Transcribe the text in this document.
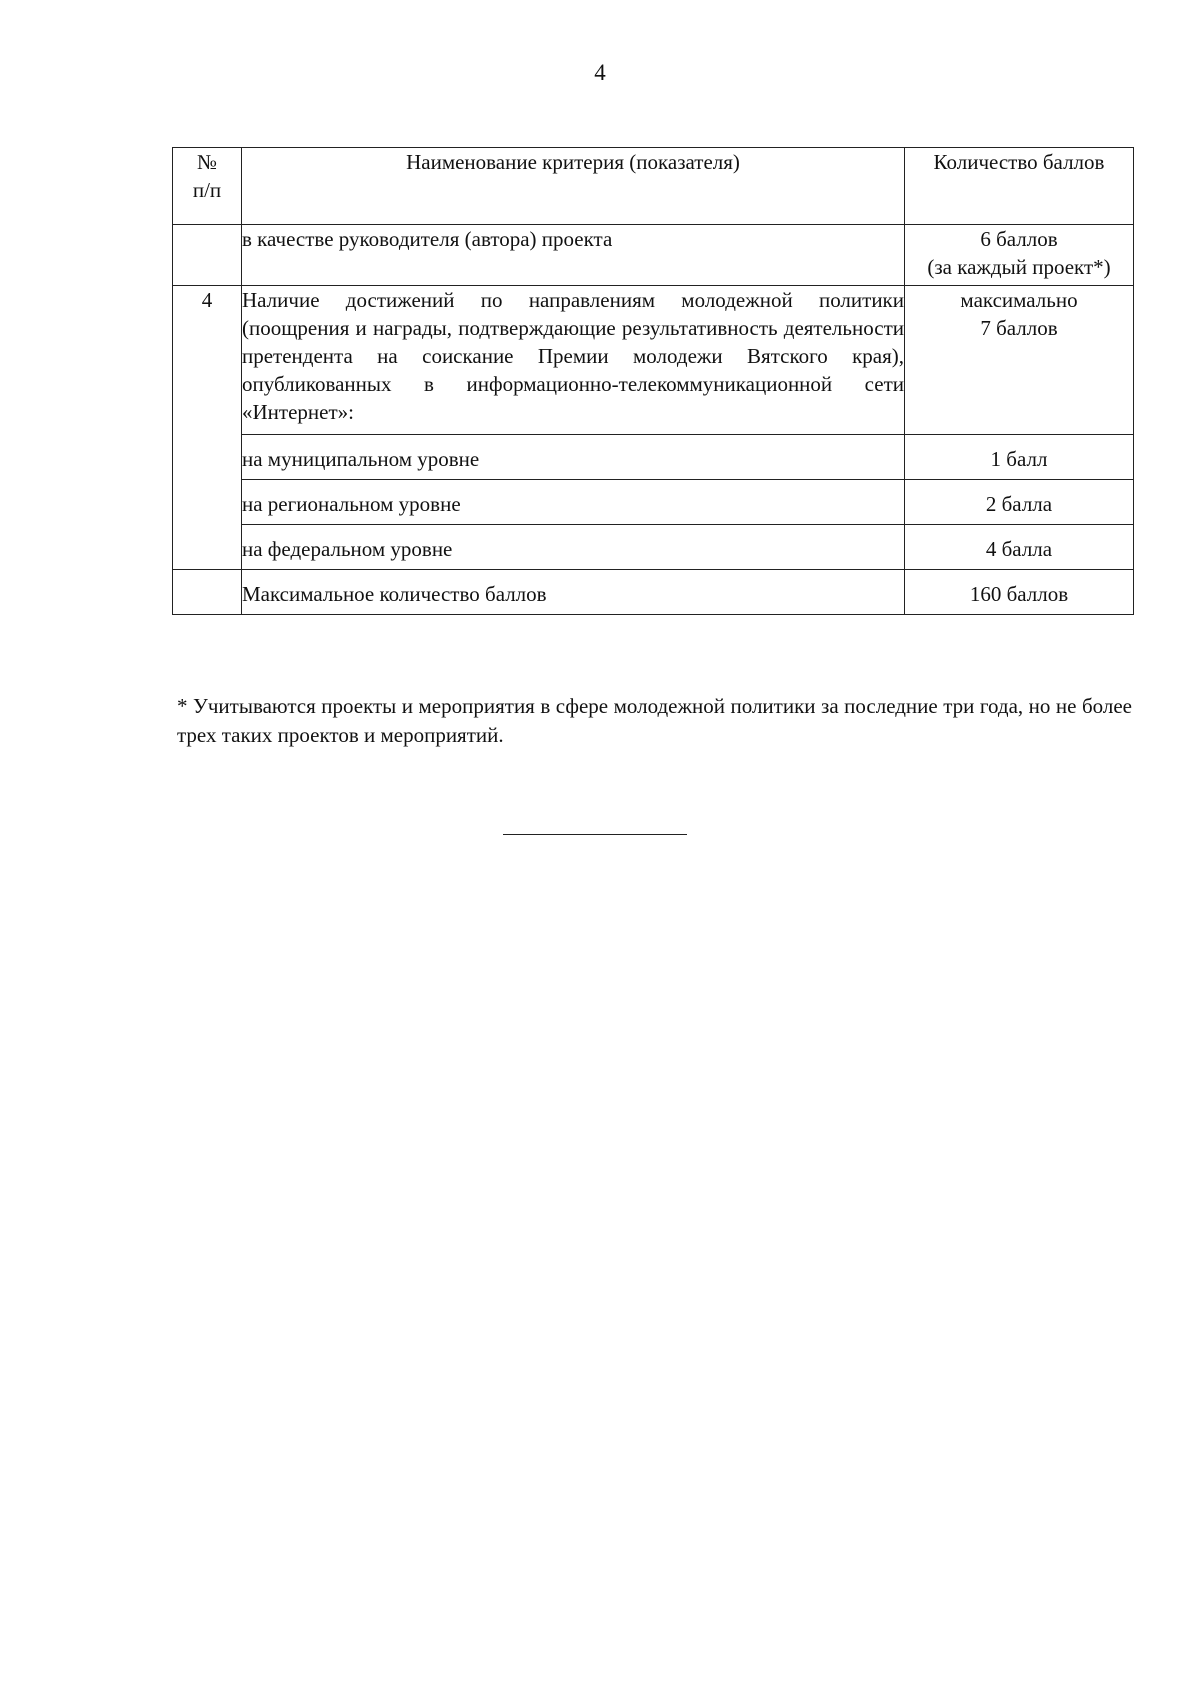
4
№
п/п	Наименование критерия (показателя)	Количество баллов
	в качестве руководителя (автора) проекта	6 баллов
(за каждый проект*)

4	Наличие достижений по направлениям молодежной политики (поощрения и награды, подтверждающие результативность деятельности претендента на соискание Премии молодежи Вятского края), опубликованных в информационно-телекоммуникационной сети «Интернет»:	максимально
7 баллов

	на муниципальном уровне	1 балл
	на региональном уровне	2 балла
	на федеральном уровне	4 балла
	Максимальное количество баллов	160 баллов
* Учитываются проекты и мероприятия в сфере молодежной политики за последние три года, но не более трех таких проектов и мероприятий.
